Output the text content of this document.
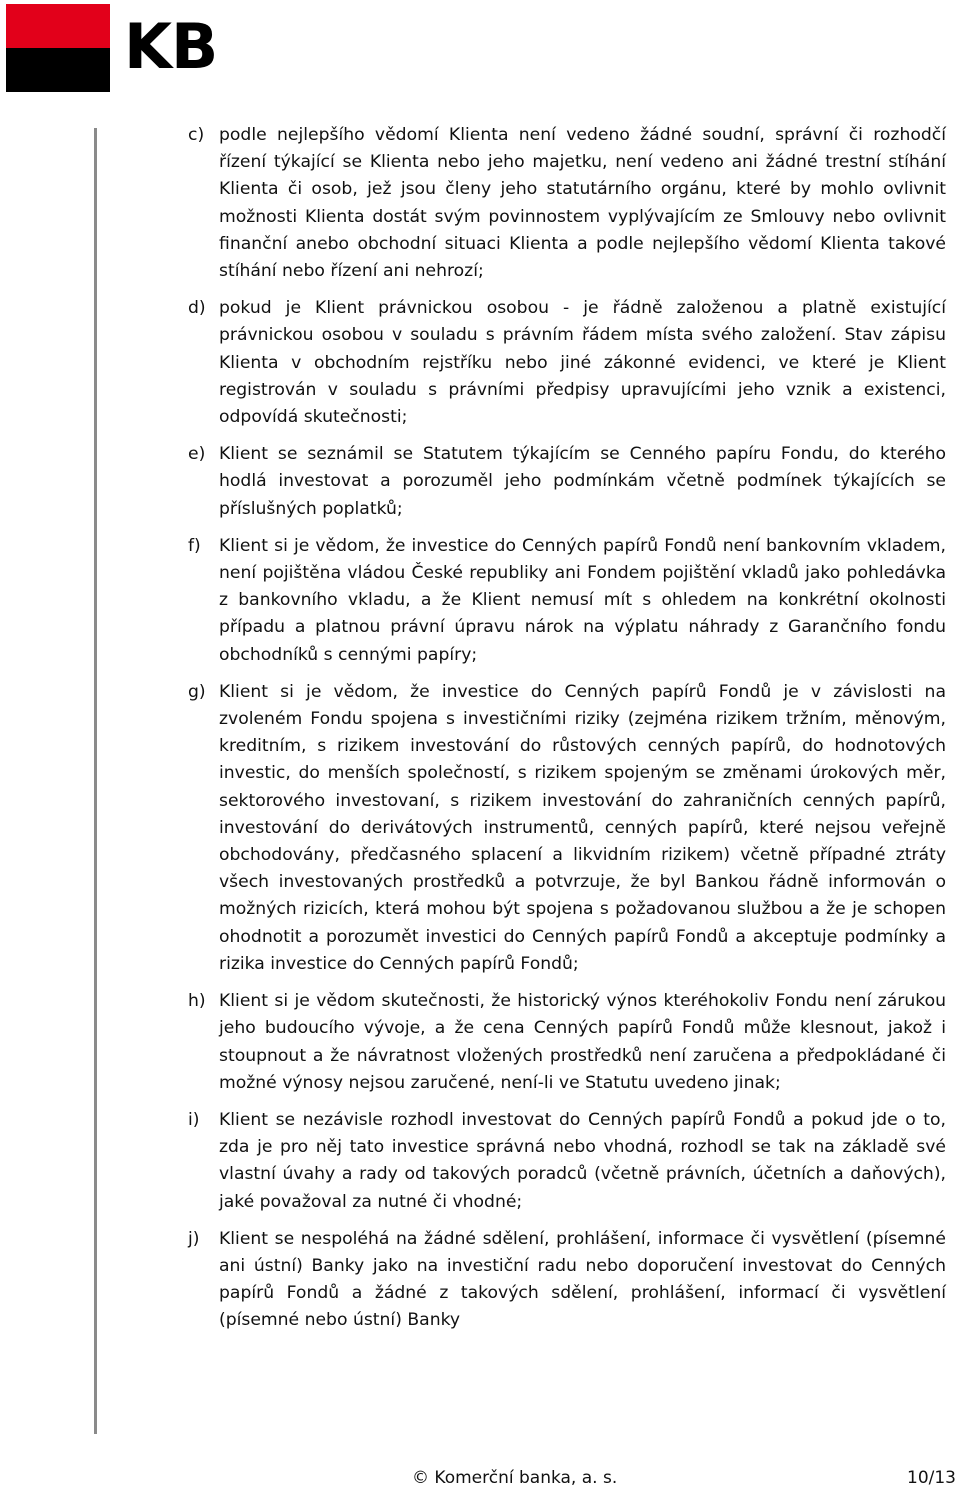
KB
c) podle nejlepšího vědomí Klienta není vedeno žádné soudní, správní či rozhodčí řízení týkající se Klienta nebo jeho majetku, není vedeno ani žádné trestní stíhání Klienta či osob, jež jsou členy jeho statutárního orgánu, které by mohlo ovlivnit možnosti Klienta dostát svým povinnostem vyplývajícím ze Smlouvy nebo ovlivnit finanční anebo obchodní situaci Klienta a podle nejlepšího vědomí Klienta takové stíhání nebo řízení ani nehrozí;
d) pokud je Klient právnickou osobou - je řádně založenou a platně existující právnickou osobou v souladu s právním řádem místa svého založení. Stav zápisu Klienta v obchodním rejstříku nebo jiné zákonné evidenci, ve které je Klient registrován v souladu s právními předpisy upravujícími jeho vznik a existenci, odpovídá skutečnosti;
e) Klient se seznámil se Statutem týkajícím se Cenného papíru Fondu, do kterého hodlá investovat a porozuměl jeho podmínkám včetně podmínek týkajících se příslušných poplatků;
f) Klient si je vědom, že investice do Cenných papírů Fondů není bankovním vkladem, není pojištěna vládou České republiky ani Fondem pojištění vkladů jako pohledávka z bankovního vkladu, a že Klient nemusí mít s ohledem na konkrétní okolnosti případu a platnou právní úpravu nárok na výplatu náhrady z Garančního fondu obchodníků s cennými papíry;
g) Klient si je vědom, že investice do Cenných papírů Fondů je v závislosti na zvoleném Fondu spojena s investičními riziky (zejména rizikem tržním, měnovým, kreditním, s rizikem investování do růstových cenných papírů, do hodnotových investic, do menších společností, s rizikem spojeným se změnami úrokových měr, sektorového investovaní, s rizikem investování do zahraničních cenných papírů, investování do derivátových instrumentů, cenných papírů, které nejsou veřejně obchodovány, předčasného splacení a likvidním rizikem) včetně případné ztráty všech investovaných prostředků a potvrzuje, že byl Bankou řádně informován o možných rizicích, která mohou být spojena s požadovanou službou a že je schopen ohodnotit a porozumět investici do Cenných papírů Fondů a akceptuje podmínky a rizika investice do Cenných papírů Fondů;
h) Klient si je vědom skutečnosti, že historický výnos kteréhokoliv Fondu není zárukou jeho budoucího vývoje, a že cena Cenných papírů Fondů může klesnout, jakož i stoupnout a že návratnost vložených prostředků není zaručena a předpokládané či možné výnosy nejsou zaručené, není-li ve Statutu uvedeno jinak;
i) Klient se nezávisle rozhodl investovat do Cenných papírů Fondů a pokud jde o to, zda je pro něj tato investice správná nebo vhodná, rozhodl se tak na základě své vlastní úvahy a rady od takových poradců (včetně právních, účetních a daňových), jaké považoval za nutné či vhodné;
j) Klient se nespoléhá na žádné sdělení, prohlášení, informace či vysvětlení (písemné ani ústní) Banky jako na investiční radu nebo doporučení investovat do Cenných papírů Fondů a žádné z takových sdělení, prohlášení, informací či vysvětlení (písemné nebo ústní) Banky
© Komerční banka, a. s.	10/13
